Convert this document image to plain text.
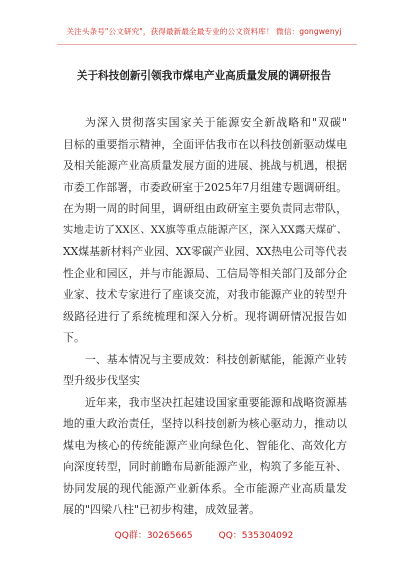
关注头条号"公文研究"，获得最新最全最专业的公文资料库！ 微信：gongwenyj
关于科技创新引领我市煤电产业高质量发展的调研报告
为深入贯彻落实国家关于能源安全新战略和"双碳"
目标的重要指示精神，全面评估我市在以科技创新驱动煤电
及相关能源产业高质量发展方面的进展、挑战与机遇，根据
市委工作部署，市委政研室于2025年7月组建专题调研组。
在为期一周的时间里，调研组由政研室主要负责同志带队，
实地走访了XX区、XX旗等重点能源产区，深入XX露天煤矿、
XX煤基新材料产业园、XX零碳产业园、XX热电公司等代表
性企业和园区，并与市能源局、工信局等相关部门及部分企
业家、技术专家进行了座谈交流，对我市能源产业的转型升
级路径进行了系统梳理和深入分析。现将调研情况报告如
下。
一、基本情况与主要成效：科技创新赋能，能源产业转
型升级步伐坚实
近年来，我市坚决扛起建设国家重要能源和战略资源基
地的重大政治责任，坚持以科技创新为核心驱动力，推动以
煤电为核心的传统能源产业向绿色化、智能化、高效化方
向深度转型，同时前瞻布局新能源产业，构筑了多能互补、
协同发展的现代能源产业新体系。全市能源产业高质量发
展的"四梁八柱"已初步构建，成效显著。
QQ群：30265665	QQ：535304092
